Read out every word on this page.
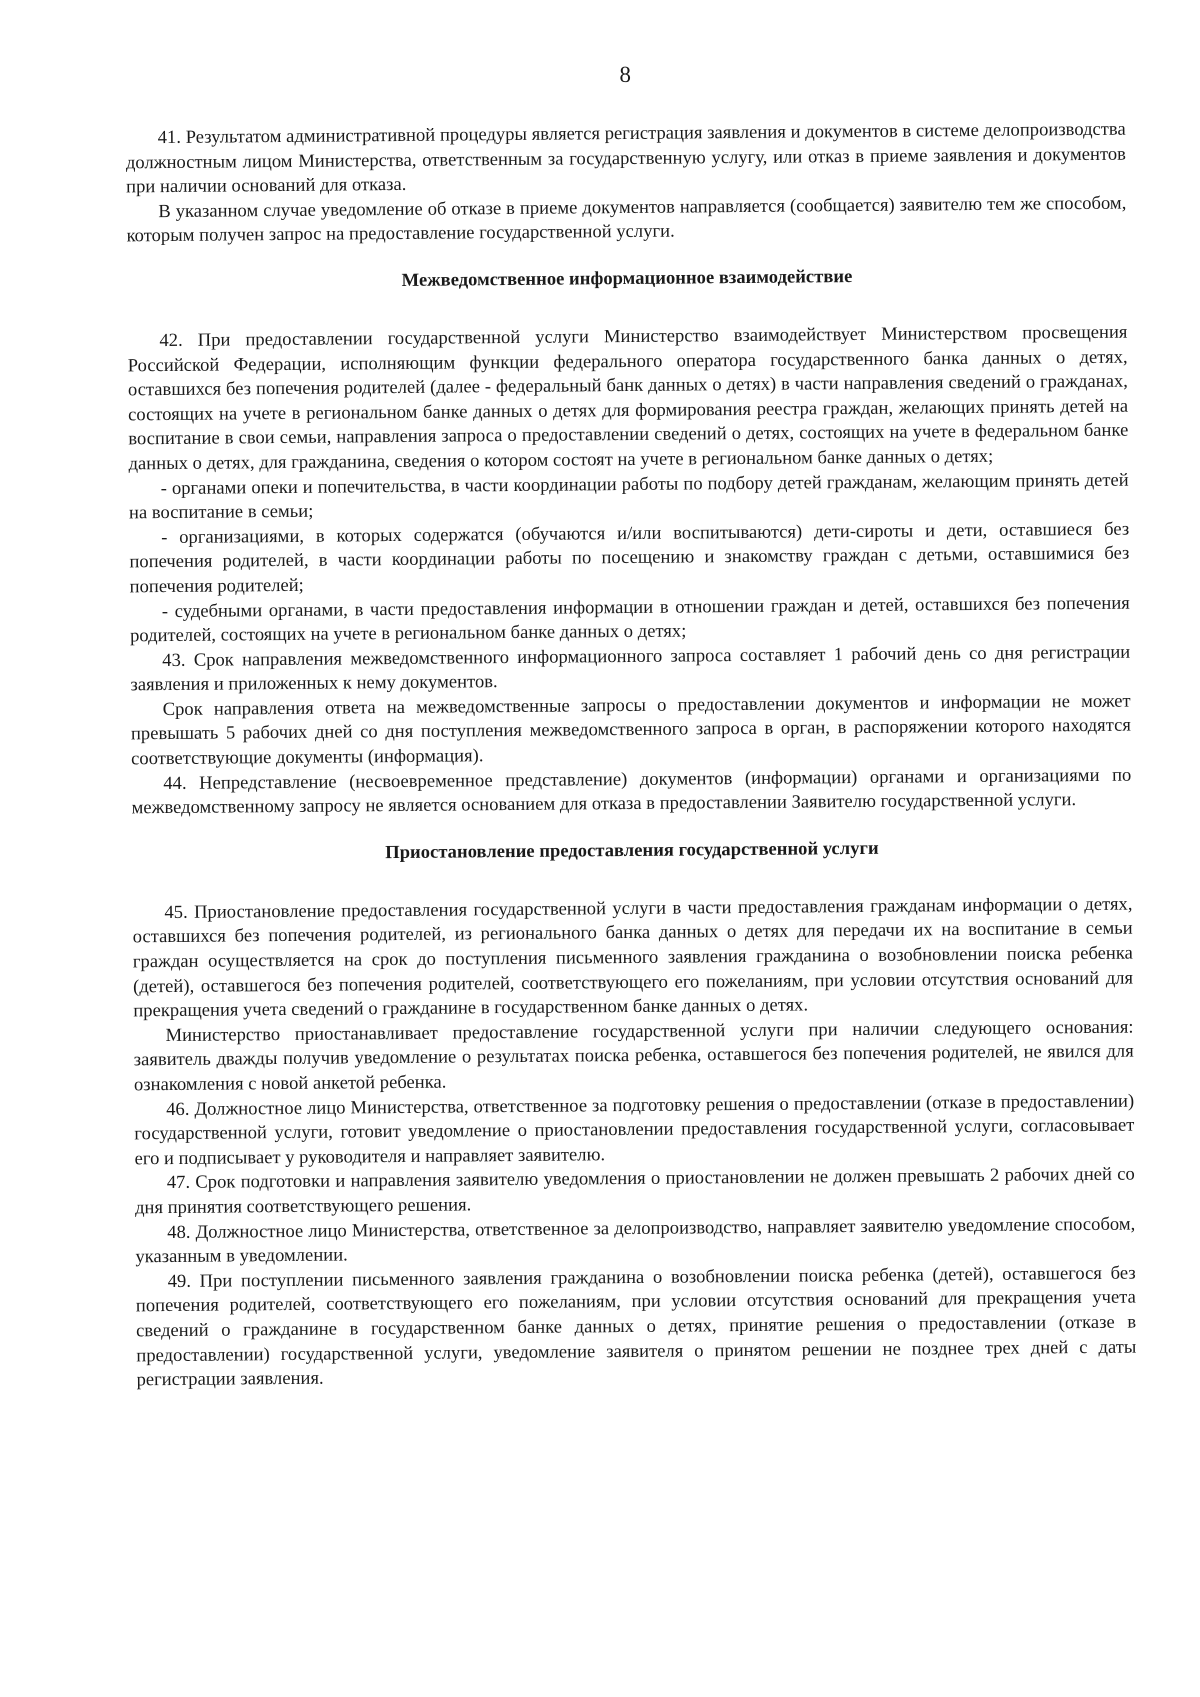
8

41. Результатом административной процедуры является регистрация заявления и документов в системе делопроизводства должностным лицом Министерства, ответственным за государственную услугу, или отказ в приеме заявления и документов при наличии оснований для отказа.

В указанном случае уведомление об отказе в приеме документов направляется (сообщается) заявителю тем же способом, которым получен запрос на предоставление государственной услуги.

Межведомственное информационное взаимодействие

42. При предоставлении государственной услуги Министерство взаимодействует Министерством просвещения Российской Федерации, исполняющим функции федерального оператора государственного банка данных о детях, оставшихся без попечения родителей (далее - федеральный банк данных о детях) в части направления сведений о гражданах, состоящих на учете в региональном банке данных о детях для формирования реестра граждан, желающих принять детей на воспитание в свои семьи, направления запроса о предоставлении сведений о детях, состоящих на учете в федеральном банке данных о детях, для гражданина, сведения о котором состоят на учете в региональном банке данных о детях;

- органами опеки и попечительства, в части координации работы по подбору детей гражданам, желающим принять детей на воспитание в семьи;

- организациями, в которых содержатся (обучаются и/или воспитываются) дети-сироты и дети, оставшиеся без попечения родителей, в части координации работы по посещению и знакомству граждан с детьми, оставшимися без попечения родителей;

- судебными органами, в части предоставления информации в отношении граждан и детей, оставшихся без попечения родителей, состоящих на учете в региональном банке данных о детях;

43. Срок направления межведомственного информационного запроса составляет 1 рабочий день со дня регистрации заявления и приложенных к нему документов.

Срок направления ответа на межведомственные запросы о предоставлении документов и информации не может превышать 5 рабочих дней со дня поступления межведомственного запроса в орган, в распоряжении которого находятся соответствующие документы (информация).

44. Непредставление (несвоевременное представление) документов (информации) органами и организациями по межведомственному запросу не является основанием для отказа в предоставлении Заявителю государственной услуги.

Приостановление предоставления государственной услуги

45. Приостановление предоставления государственной услуги в части предоставления гражданам информации о детях, оставшихся без попечения родителей, из регионального банка данных о детях для передачи их на воспитание в семьи граждан осуществляется на срок до поступления письменного заявления гражданина о возобновлении поиска ребенка (детей), оставшегося без попечения родителей, соответствующего его пожеланиям, при условии отсутствия оснований для прекращения учета сведений о гражданине в государственном банке данных о детях.

Министерство приостанавливает предоставление государственной услуги при наличии следующего основания: заявитель дважды получив уведомление о результатах поиска ребенка, оставшегося без попечения родителей, не явился для ознакомления с новой анкетой ребенка.

46. Должностное лицо Министерства, ответственное за подготовку решения о предоставлении (отказе в предоставлении) государственной услуги, готовит уведомление о приостановлении предоставления государственной услуги, согласовывает его и подписывает у руководителя и направляет заявителю.

47. Срок подготовки и направления заявителю уведомления о приостановлении не должен превышать 2 рабочих дней со дня принятия соответствующего решения.

48. Должностное лицо Министерства, ответственное за делопроизводство, направляет заявителю уведомление способом, указанным в уведомлении.

49. При поступлении письменного заявления гражданина о возобновлении поиска ребенка (детей), оставшегося без попечения родителей, соответствующего его пожеланиям, при условии отсутствия оснований для прекращения учета сведений о гражданине в государственном банке данных о детях, принятие решения о предоставлении (отказе в предоставлении) государственной услуги, уведомление заявителя о принятом решении не позднее трех дней с даты регистрации заявления.
